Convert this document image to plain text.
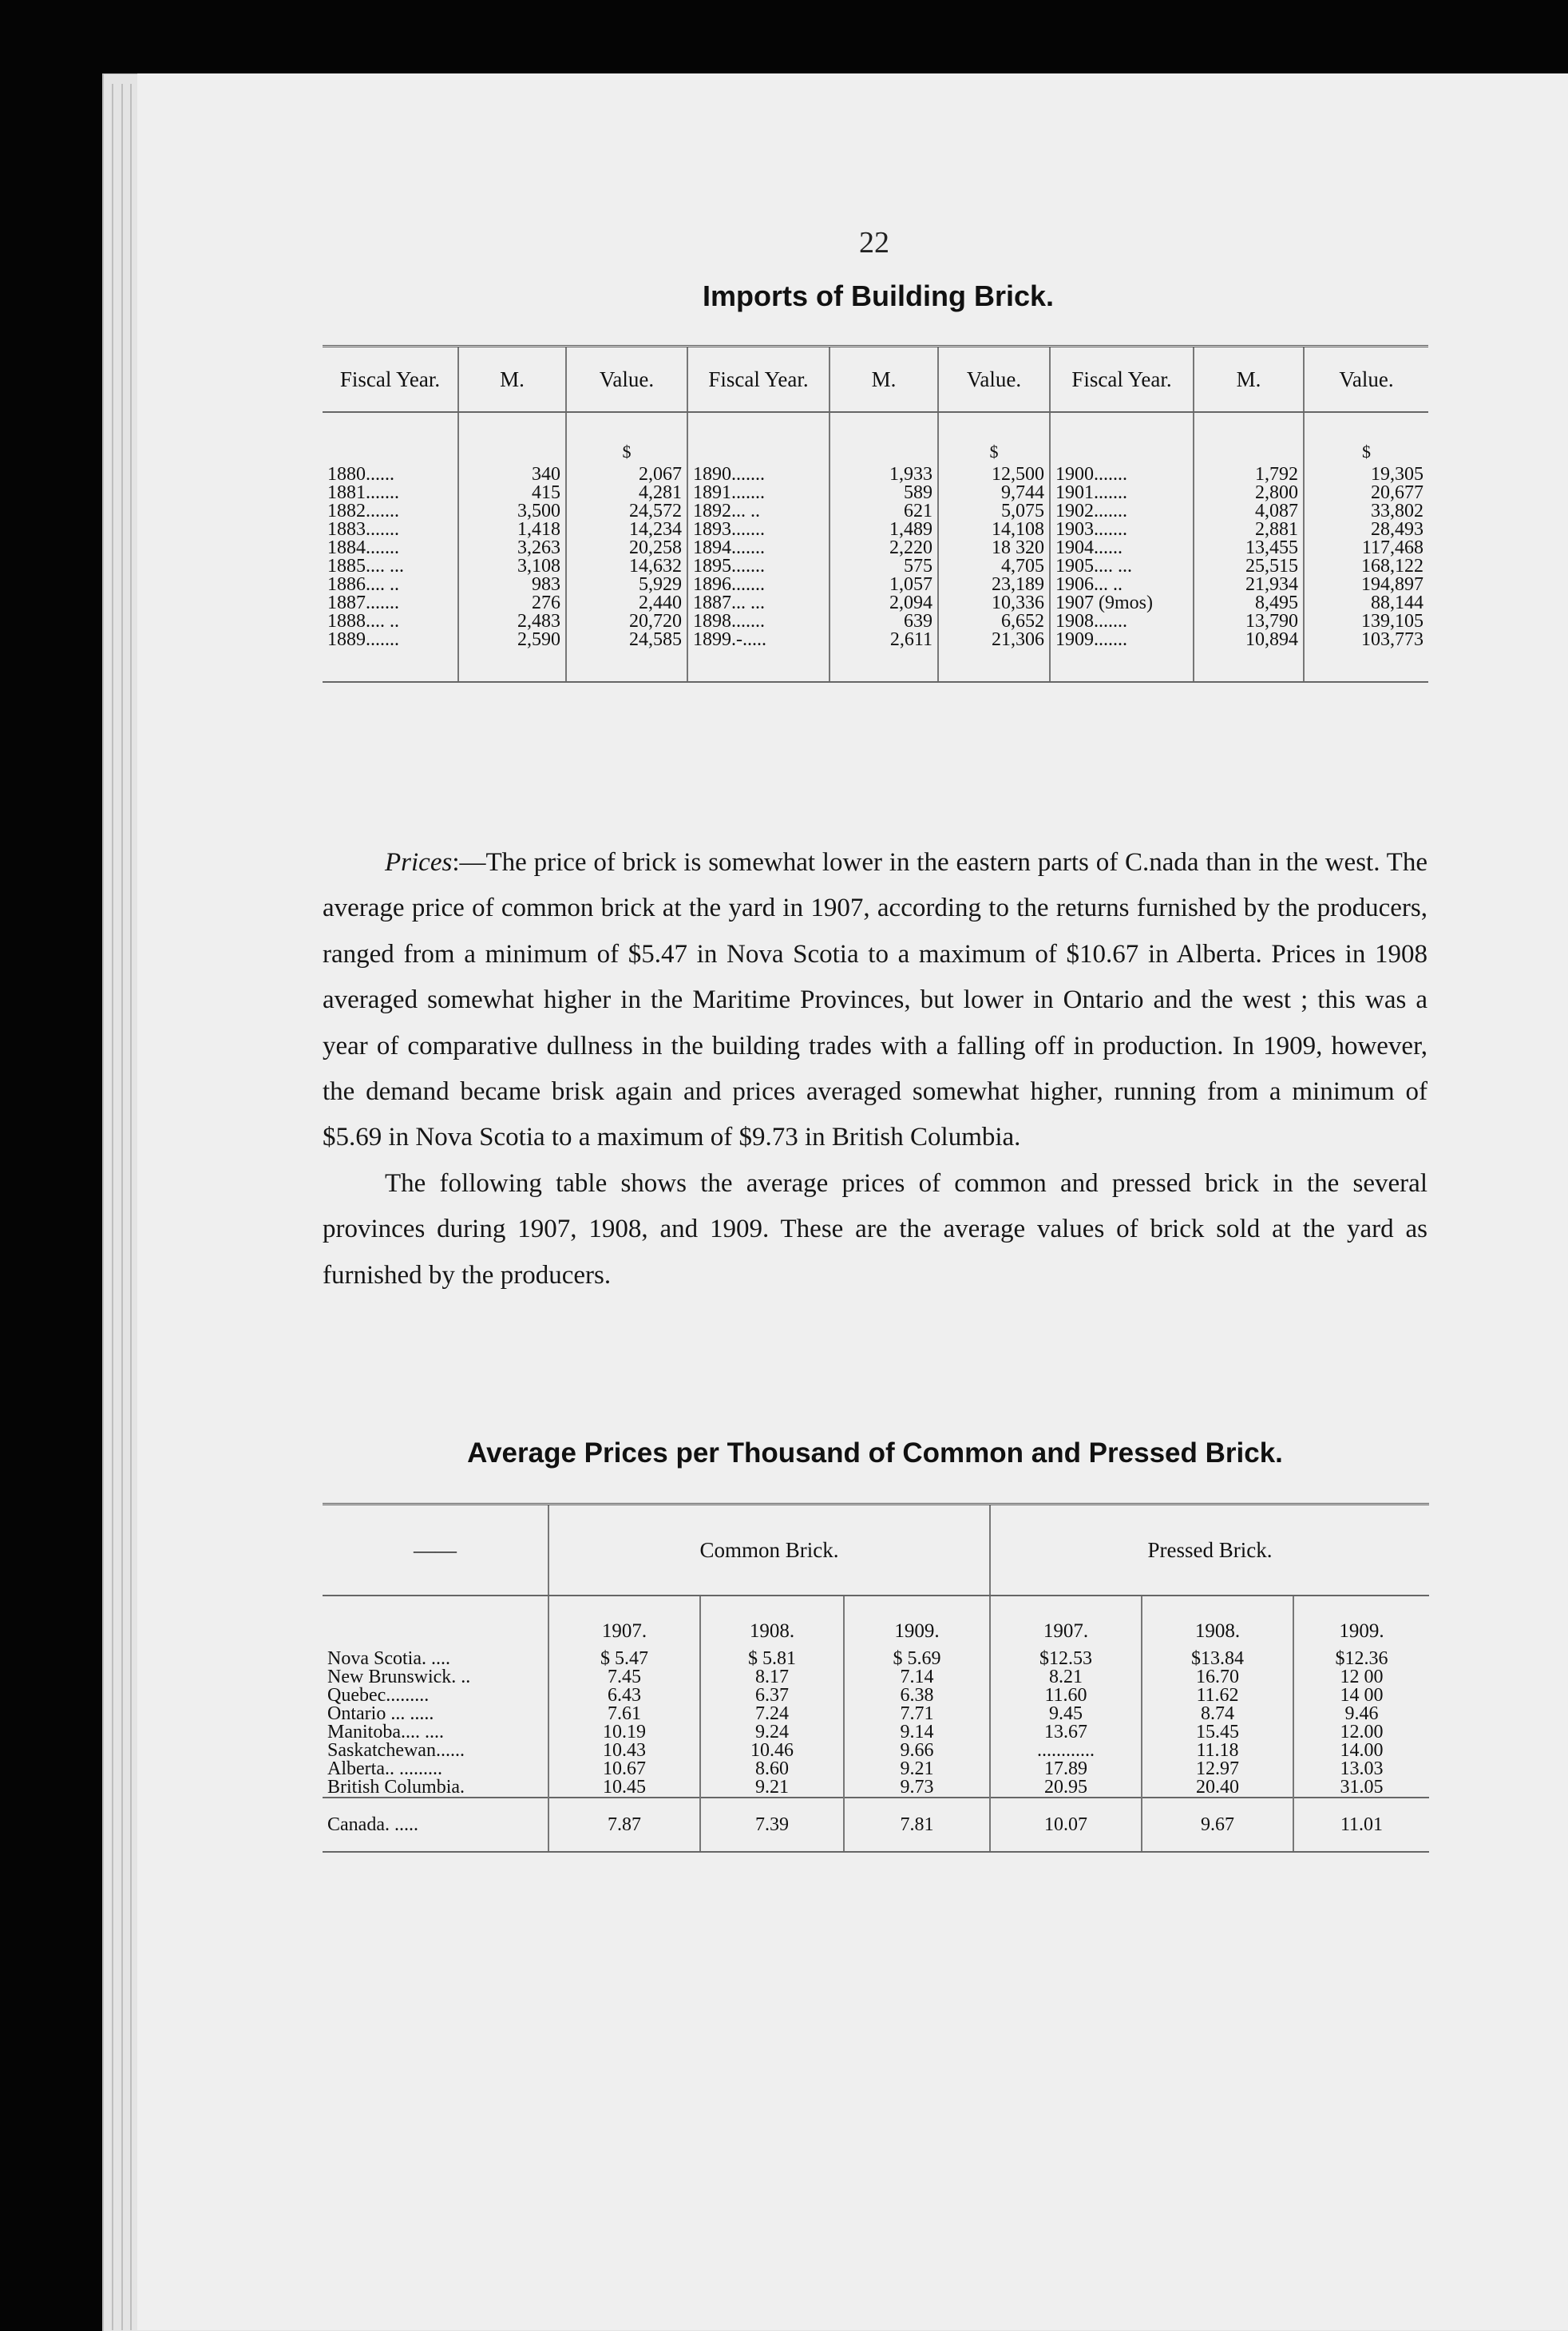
22
Imports of Building Brick.
Fiscal Year.	M.	Value.	Fiscal Year.	M.	Value.	Fiscal Year.	M.	Value.
		$			$			$
1880......	340	2,067	1890.......	1,933	12,500	1900.......	1,792	19,305
1881.......	415	4,281	1891.......	589	9,744	1901.......	2,800	20,677
1882.......	3,500	24,572	1892... ..	621	5,075	1902.......	4,087	33,802
1883.......	1,418	14,234	1893.......	1,489	14,108	1903.......	2,881	28,493
1884.......	3,263	20,258	1894.......	2,220	18 320	1904......	13,455	117,468
1885.... ...	3,108	14,632	1895.......	575	4,705	1905.... ...	25,515	168,122
1886.... ..	983	5,929	1896.......	1,057	23,189	1906... ..	21,934	194,897
1887.......	276	2,440	1887... ...	2,094	10,336	1907 (9mos)	8,495	88,144
1888.... ..	2,483	20,720	1898.......	639	6,652	1908.......	13,790	139,105
1889.......	2,590	24,585	1899.-.....	2,611	21,306	1909.......	10,894	103,773

Prices:—The price of brick is somewhat lower in the eastern parts of C.nada than in the west. The average price of common brick at the yard in 1907, according to the returns furnished by the producers, ranged from a minimum of $5.47 in Nova Scotia to a maximum of $10.67 in Alberta. Prices in 1908 averaged somewhat higher in the Maritime Provinces, but lower in Ontario and the west ; this was a year of comparative dullness in the building trades with a falling off in production. In 1909, however, the demand became brisk again and prices averaged somewhat higher, running from a minimum of $5.69 in Nova Scotia to a maximum of $9.73 in British Columbia.

The following table shows the average prices of common and pressed brick in the several provinces during 1907, 1908, and 1909. These are the average values of brick sold at the yard as furnished by the producers.

Average Prices per Thousand of Common and Pressed Brick.
——	Common Brick.			Pressed Brick.		
	1907.	1908.	1909.	1907.	1908.	1909.
Nova Scotia. ....	$ 5.47	$ 5.81	$ 5.69	$12.53	$13.84	$12.36
New Brunswick. ..	7.45	8.17	7.14	8.21	16.70	12 00
Quebec.........	6.43	6.37	6.38	11.60	11.62	14 00
Ontario ... .....	7.61	7.24	7.71	9.45	8.74	9.46
Manitoba.... ....	10.19	9.24	9.14	13.67	15.45	12.00
Saskatchewan......	10.43	10.46	9.66	............	11.18	14.00
Alberta.. .........	10.67	8.60	9.21	17.89	12.97	13.03
British Columbia.	10.45	9.21	9.73	20.95	20.40	31.05
Canada. .....	7.87	7.39	7.81	10.07	9.67	11.01
